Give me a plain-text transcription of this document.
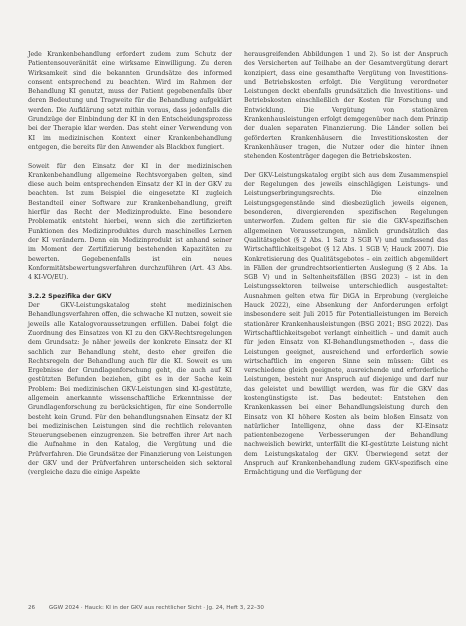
Jede Krankenbehandlung erfordert zudem zum Schutz der Patientensouveränität eine wirksame Einwilligung. Zu deren Wirksamkeit sind die bekannten Grundsätze des informed consent entsprechend zu beachten. Wird im Rahmen der Behandlung KI genutzt, muss der Patient gegebenenfalls über deren Bedeutung und Tragweite für die Behandlung aufgeklärt werden. Die Aufklärung setzt mithin voraus, dass jedenfalls die Grundzüge der Einbindung der KI in den Entscheidungsprozess bei der Therapie klar werden. Das steht einer Verwendung von KI im medizinischen Kontext einer Krankenbehandlung entgegen, die bereits für den Anwender als Blackbox fungiert.

Soweit für den Einsatz der KI in der medizinischen Krankenbehandlung allgemeine Rechtsvorgaben gelten, sind diese auch beim entsprechenden Einsatz der KI in der GKV zu beachten. Ist zum Beispiel die eingesetzte KI zugleich Bestandteil einer Software zur Krankenbehandlung, greift hierfür das Recht der Medizinprodukte. Eine besondere Problematik entsteht hierbei, wenn sich die zertifizierten Funktionen des Medizinproduktes durch maschinelles Lernen der KI verändern. Denn ein Medizinprodukt ist anhand seiner im Moment der Zertifizierung bestehenden Kapazitäten zu bewerten. Gegebenenfalls ist ein neues Konformitätsbewertungsverfahren durchzuführen (Art. 43 Abs. 4 KI-VO/EU).

3.2.2 Spezifika der GKV

Der GKV-Leistungskatalog steht medizinischen Behandlungsverfahren offen, die schwache KI nutzen, soweit sie jeweils alle Katalogvoraussetzungen erfüllen. Dabei folgt die Zuordnung des Einsatzes von KI zu den GKV-Rechtsregelungen dem Grundsatz: Je näher jeweils der konkrete Einsatz der KI sachlich zur Behandlung steht, desto eher greifen die Rechtsregeln der Behandlung auch für die KI. Soweit es um Ergebnisse der Grundlagenforschung geht, die auch auf KI gestützten Befunden beziehen, gibt es in der Sache kein Problem: Bei medizinischen GKV-Leistungen sind Kl-gestützte, allgemein anerkannte wissenschaftliche Erkenntnisse der Grundlagenforschung zu berücksichtigen, für eine Sonderrolle besteht kein Grund. Für den behandlungsnahen Einsatz der KI bei medizinischen Leistungen sind die rechtlich relevanten Steuerungsebenen einzugrenzen. Sie betreffen ihrer Art nach die Aufnahme in den Katalog, die Vergütung und die Prüfverfahren. Die Grundsätze der Finanzierung von Leistungen der GKV und der Prüfverfahren unterscheiden sich sektoral (vergleiche dazu die einige Aspekte

herausgreifenden Abbildungen 1 und 2). So ist der Anspruch des Versicherten auf Teilhabe an der Gesamtvergütung derart konzipiert, dass eine gesamthafte Vergütung von Investitions- und Betriebskosten erfolgt. Die Vergütung verordneter Leistungen deckt ebenfalls grundsätzlich die Investitions- und Betriebskosten einschließlich der Kosten für Forschung und Entwicklung. Die Vergütung von stationären Krankenhausleistungen erfolgt demgegenüber nach dem Prinzip der dualen separaten Finanzierung. Die Länder sollen bei geförderten Krankenhäusern die Investitionskosten der Krankenhäuser tragen, die Nutzer oder die hinter ihnen stehenden Kostenträger dagegen die Betriebskosten.

Der GKV-Leistungskatalog ergibt sich aus dem Zusammenspiel der Regelungen des jeweils einschlägigen Leistungs- und Leistungserbringungsrechts. Die einzelnen Leistungsgegenstände sind diesbezüglich jeweils eigenen, besonderen, divergierenden spezifischen Regelungen unterworfen. Zudem gelten für sie die GKV-spezifischen allgemeinen Voraussetzungen, nämlich grundsätzlich das Qualitätsgebot (§ 2 Abs. 1 Satz 3 SGB V) und umfassend das Wirtschaftlichkeitsgebot (§ 12 Abs. 1 SGB V; Hauck 2007). Die Konkretisierung des Qualitätsgebotes – ein zeitlich abgemildert in Fällen der grundrechtsorientierten Auslegung (§ 2 Abs. 1a SGB V) und in Seltenheitsfällen (BSG 2023) – ist in den Leistungssektoren teilweise unterschiedlich ausgestaltet: Ausnahmen gelten etwa für DiGA in Erprobung (vergleiche Hauck 2022), eine Absenkung der Anforderungen erfolgt insbesondere seit Juli 2015 für Potentialleistungen im Bereich stationärer Krankenhausleistungen (BSG 2021; BSG 2022). Das Wirtschaftlichkeitsgebot verlangt einheitlich – und damit auch für jeden Einsatz von KI-Behandlungsmethoden –, dass die Leistungen geeignet, ausreichend und erforderlich sowie wirtschaftlich im engeren Sinne sein müssen: Gibt es verschiedene gleich geeignete, ausreichende und erforderliche Leistungen, besteht nur Anspruch auf diejenige und darf nur das geleistet und bewilligt werden, was für die GKV das kostengünstigste ist. Das bedeutet: Entstehen den Krankenkassen bei einer Behandlungsleistung durch den Einsatz von KI höhere Kosten als beim bloßen Einsatz von natürlicher Intelligenz, ohne dass der KI-Einsatz patientenbezogene Verbesserungen der Behandlung nachweislich bewirkt, unterfällt die KI-gestützte Leistung nicht dem Leistungskatalog der GKV. Überwiegend setzt der Anspruch auf Krankenbehandlung zudem GKV-spezifisch eine Ermächtigung und die Verfügung der

26 GGW 2024 · Hauck: KI in der GKV aus rechtlicher Sicht · Jg. 24, Heft 3, 22–30
